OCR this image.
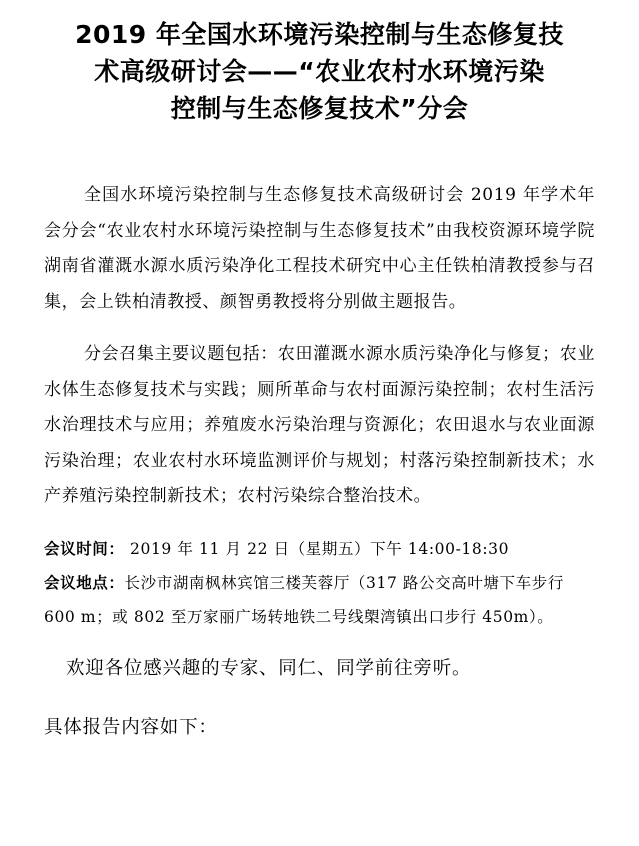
2019 年全国水环境污染控制与生态修复技
术高级研讨会——“农业农村水环境污染
控制与生态修复技术”分会

全国水环境污染控制与生态修复技术高级研讨会 2019 年学术年会分会“农业农村水环境污染控制与生态修复技术”由我校资源环境学院湖南省灌溉水源水质污染净化工程技术研究中心主任铁柏清教授参与召集，会上铁柏清教授、颜智勇教授将分别做主题报告。

分会召集主要议题包括：农田灌溉水源水质污染净化与修复；农业水体生态修复技术与实践；厕所革命与农村面源污染控制；农村生活污水治理技术与应用；养殖废水污染治理与资源化；农田退水与农业面源污染治理；农业农村水环境监测评价与规划；村落污染控制新技术；水产养殖污染控制新技术；农村污染综合整治技术。

会议时间： 2019 年 11 月 22 日（星期五）下午 14:00-18:30
会议地点：长沙市湖南枫林宾馆三楼芙蓉厅（317 路公交高叶塘下车步行 600 m；或 802 至万家丽广场转地铁二号线㮾湾镇出口步行 450m）。

欢迎各位感兴趣的专家、同仁、同学前往旁听。

具体报告内容如下：
